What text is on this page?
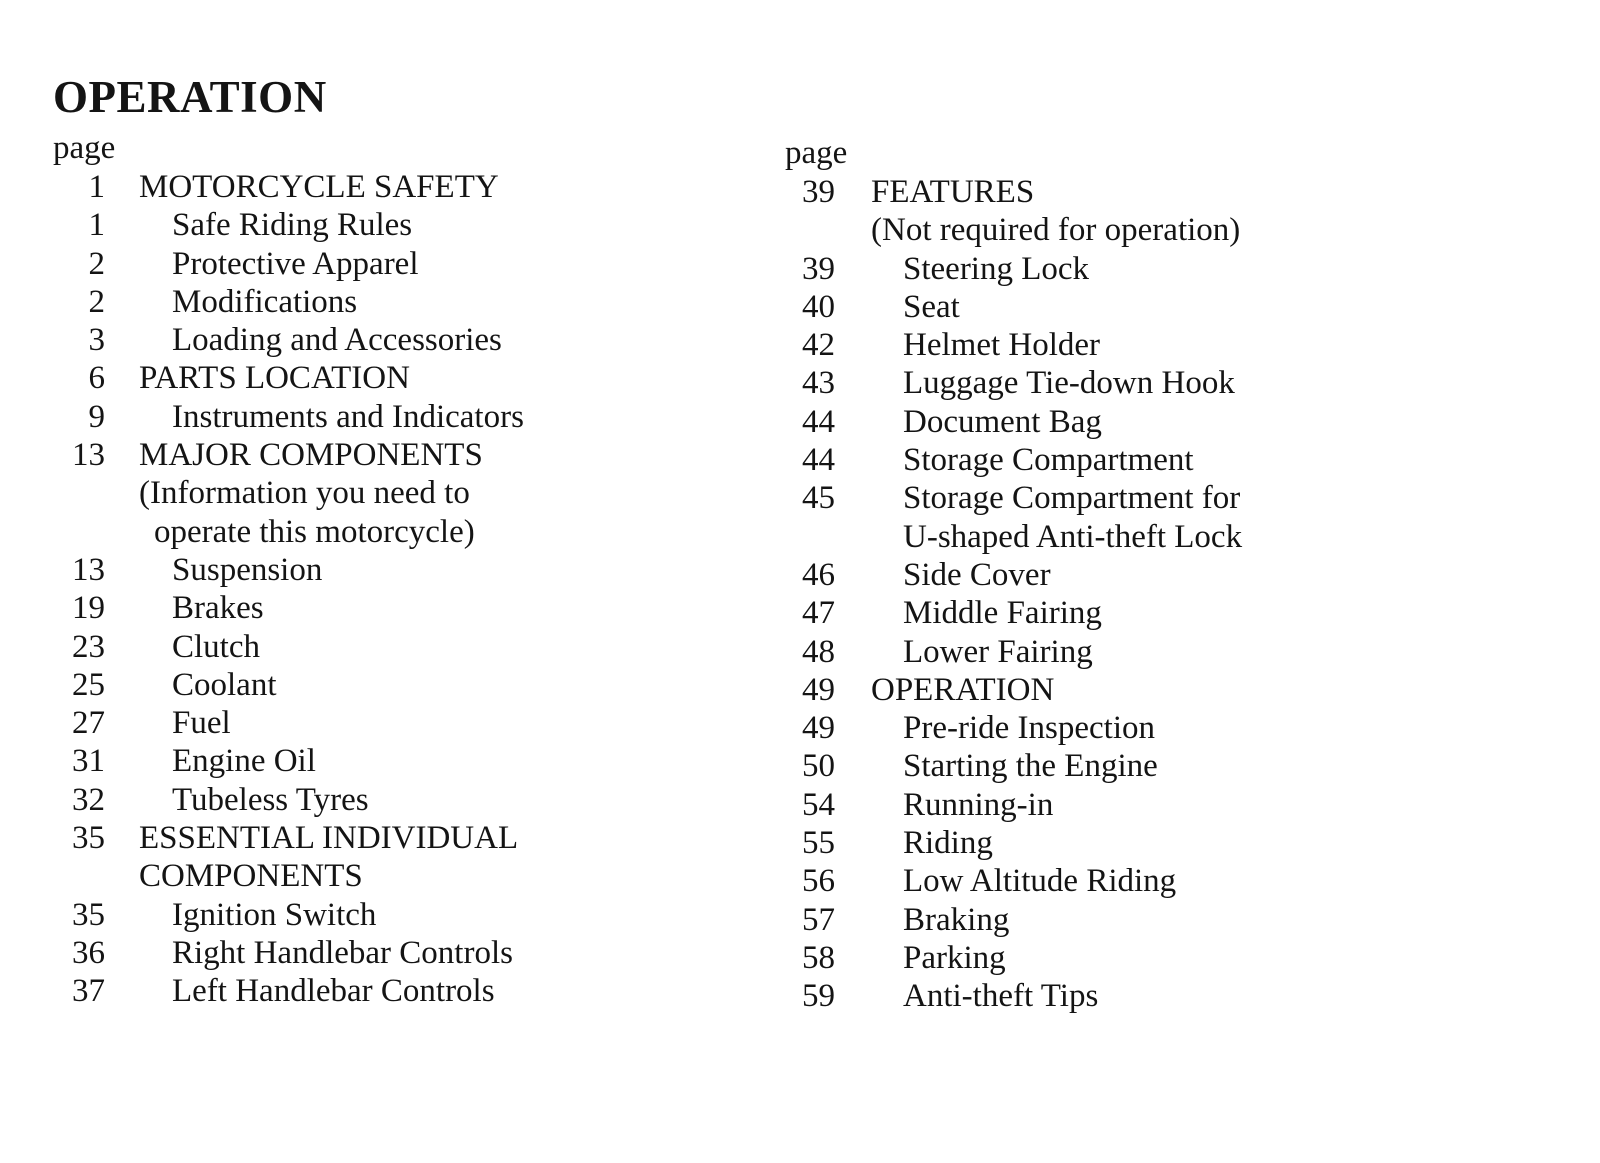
OPERATION
page
1 MOTORCYCLE SAFETY
1 Safe Riding Rules
2 Protective Apparel
2 Modifications
3 Loading and Accessories
6 PARTS LOCATION
9 Instruments and Indicators
13 MAJOR COMPONENTS
(Information you need to
operate this motorcycle)
13 Suspension
19 Brakes
23 Clutch
25 Coolant
27 Fuel
31 Engine Oil
32 Tubeless Tyres
35 ESSENTIAL INDIVIDUAL
COMPONENTS
35 Ignition Switch
36 Right Handlebar Controls
37 Left Handlebar Controls
page
39 FEATURES
(Not required for operation)
39 Steering Lock
40 Seat
42 Helmet Holder
43 Luggage Tie-down Hook
44 Document Bag
44 Storage Compartment
45 Storage Compartment for
U-shaped Anti-theft Lock
46 Side Cover
47 Middle Fairing
48 Lower Fairing
49 OPERATION
49 Pre-ride Inspection
50 Starting the Engine
54 Running-in
55 Riding
56 Low Altitude Riding
57 Braking
58 Parking
59 Anti-theft Tips
